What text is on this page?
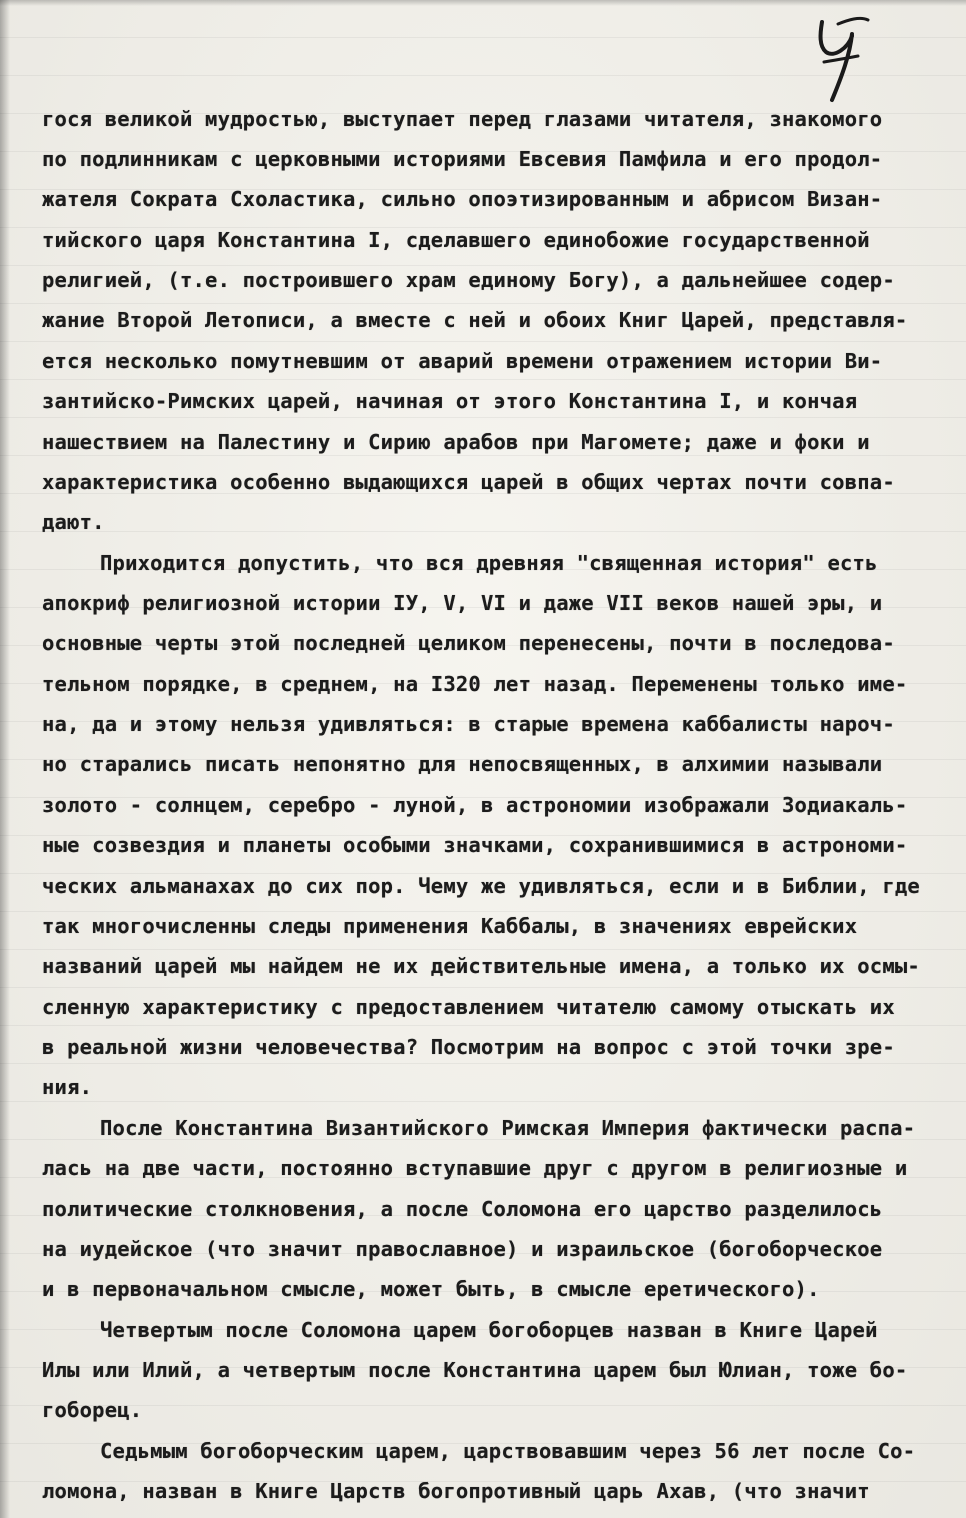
гося великой мудростью, выступает перед глазами читателя, знакомого
по подлинникам с церковными историями Евсевия Памфила и его продол-
жателя Сократа Схоластика, сильно опоэтизированным и абрисом Визан-
тийского царя Константина I, сделавшего единобожие государственной
религией, (т.е. построившего храм единому Богу), а дальнейшее содер-
жание Второй Летописи, а вместе с ней и обоих Книг Царей, представля-
ется несколько помутневшим от аварий времени отражением истории Ви-
зантийско-Римских царей, начиная от этого Константина I, и кончая
нашествием на Палестину и Сирию арабов при Магомете; даже и фоки и
характеристика особенно выдающихся царей в общих чертах почти совпа-
дают.
Приходится допустить, что вся древняя "священная история" есть
апокриф религиозной истории IУ, V, VI и даже VII веков нашей эры, и
основные черты этой последней целиком перенесены, почти в последова-
тельном порядке, в среднем, на I320 лет назад. Переменены только име-
на, да и этому нельзя удивляться: в старые времена каббалисты нароч-
но старались писать непонятно для непосвященных, в алхимии называли
золото - солнцем, серебро - луной, в астрономии изображали Зодиакаль-
ные созвездия и планеты особыми значками, сохранившимися в астрономи-
ческих альманахах до сих пор. Чему же удивляться, если и в Библии, где
так многочисленны следы применения Каббалы, в значениях еврейских
названий царей мы найдем не их действительные имена, а только их осмы-
сленную характеристику с предоставлением читателю самому отыскать их
в реальной жизни человечества? Посмотрим на вопрос с этой точки зре-
ния.
После Константина Византийского Римская Империя фактически распа-
лась на две части, постоянно вступавшие друг с другом в религиозные и
политические столкновения, а после Соломона его царство разделилось
на иудейское (что значит православное) и израильское (богоборческое
и в первоначальном смысле, может быть, в смысле еретического).
Четвертым после Соломона царем богоборцев назван в Книге Царей
Илы или Илий, а четвертым после Константина царем был Юлиан, тоже бо-
гоборец.
Седьмым богоборческим царем, царствовавшим через 56 лет после Со-
ломона, назван в Книге Царств богопротивный царь Ахав, (что значит
